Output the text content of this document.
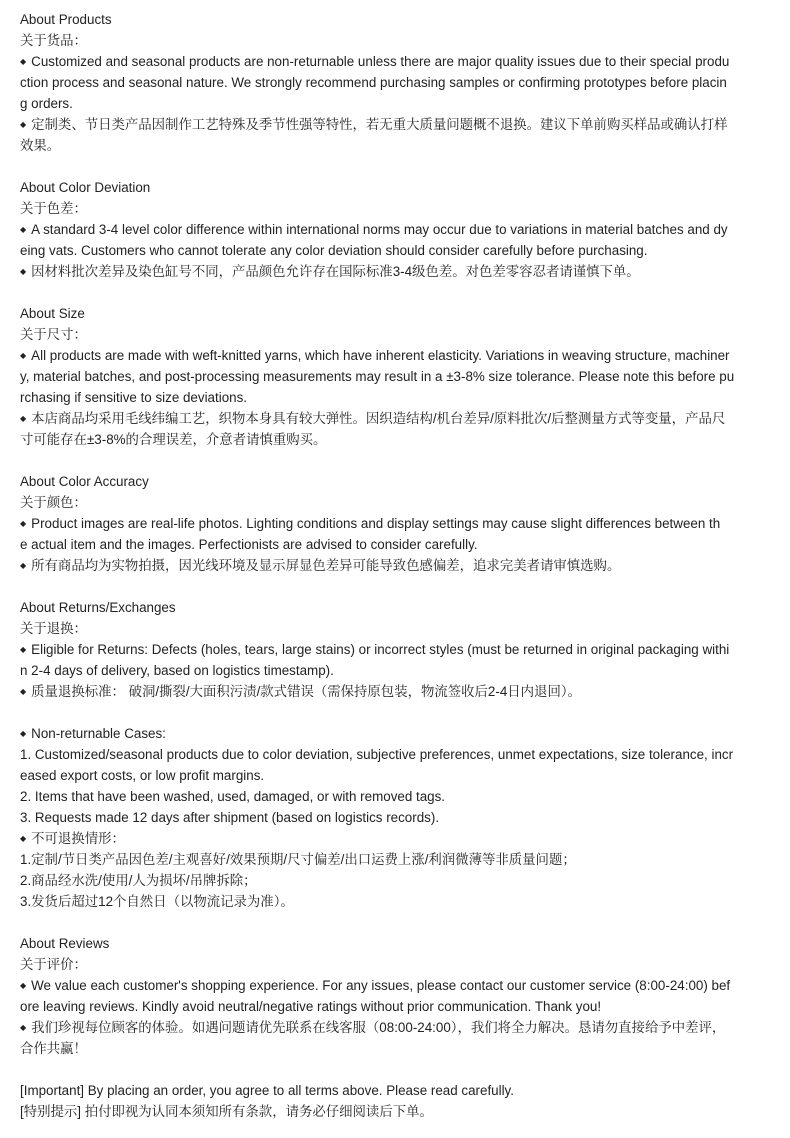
About Products
关于货品：
◆ Customized and seasonal products are non-returnable unless there are major quality issues due to their special produ
ction process and seasonal nature. We strongly recommend purchasing samples or confirming prototypes before placin
g orders.
◆ 定制类、节日类产品因制作工艺特殊及季节性强等特性，若无重大质量问题概不退换。建议下单前购买样品或确认打样
效果。
About Color Deviation
关于色差：
◆ A standard 3-4 level color difference within international norms may occur due to variations in material batches and dy
eing vats. Customers who cannot tolerate any color deviation should consider carefully before purchasing.
◆ 因材料批次差异及染色缸号不同，产品颜色允许存在国际标准3-4级色差。对色差零容忍者请谨慎下单。
About Size
关于尺寸：
◆ All products are made with weft-knitted yarns, which have inherent elasticity. Variations in weaving structure, machiner
y, material batches, and post-processing measurements may result in a ±3-8% size tolerance. Please note this before pu
rchasing if sensitive to size deviations.
◆ 本店商品均采用毛线纬编工艺，织物本身具有较大弹性。因织造结构/机台差异/原料批次/后整测量方式等变量，产品尺
寸可能存在±3-8%的合理误差，介意者请慎重购买。
About Color Accuracy
关于颜色：
◆ Product images are real-life photos. Lighting conditions and display settings may cause slight differences between th
e actual item and the images. Perfectionists are advised to consider carefully.
◆ 所有商品均为实物拍摄，因光线环境及显示屏显色差异可能导致色感偏差，追求完美者请审慎选购。
About Returns/Exchanges
关于退换：
◆ Eligible for Returns: Defects (holes, tears, large stains) or incorrect styles (must be returned in original packaging withi
n 2-4 days of delivery, based on logistics timestamp).
◆ 质量退换标准： 破洞/撕裂/大面积污渍/款式错误（需保持原包装，物流签收后2-4日内退回）。
◆ Non-returnable Cases:
1. Customized/seasonal products due to color deviation, subjective preferences, unmet expectations, size tolerance, incr
eased export costs, or low profit margins.
2. Items that have been washed, used, damaged, or with removed tags.
3. Requests made 12 days after shipment (based on logistics records).
◆ 不可退换情形：
1.定制/节日类产品因色差/主观喜好/效果预期/尺寸偏差/出口运费上涨/利润微薄等非质量问题；
2.商品经水洗/使用/人为损坏/吊牌拆除；
3.发货后超过12个自然日（以物流记录为准）。
About Reviews
关于评价：
◆ We value each customer's shopping experience. For any issues, please contact our customer service (8:00-24:00) bef
ore leaving reviews. Kindly avoid neutral/negative ratings without prior communication. Thank you!
◆ 我们珍视每位顾客的体验。如遇问题请优先联系在线客服（08:00-24:00），我们将全力解决。恳请勿直接给予中差评，
合作共赢！
[Important] By placing an order, you agree to all terms above. Please read carefully.
[特别提示] 拍付即视为认同本须知所有条款，请务必仔细阅读后下单。
